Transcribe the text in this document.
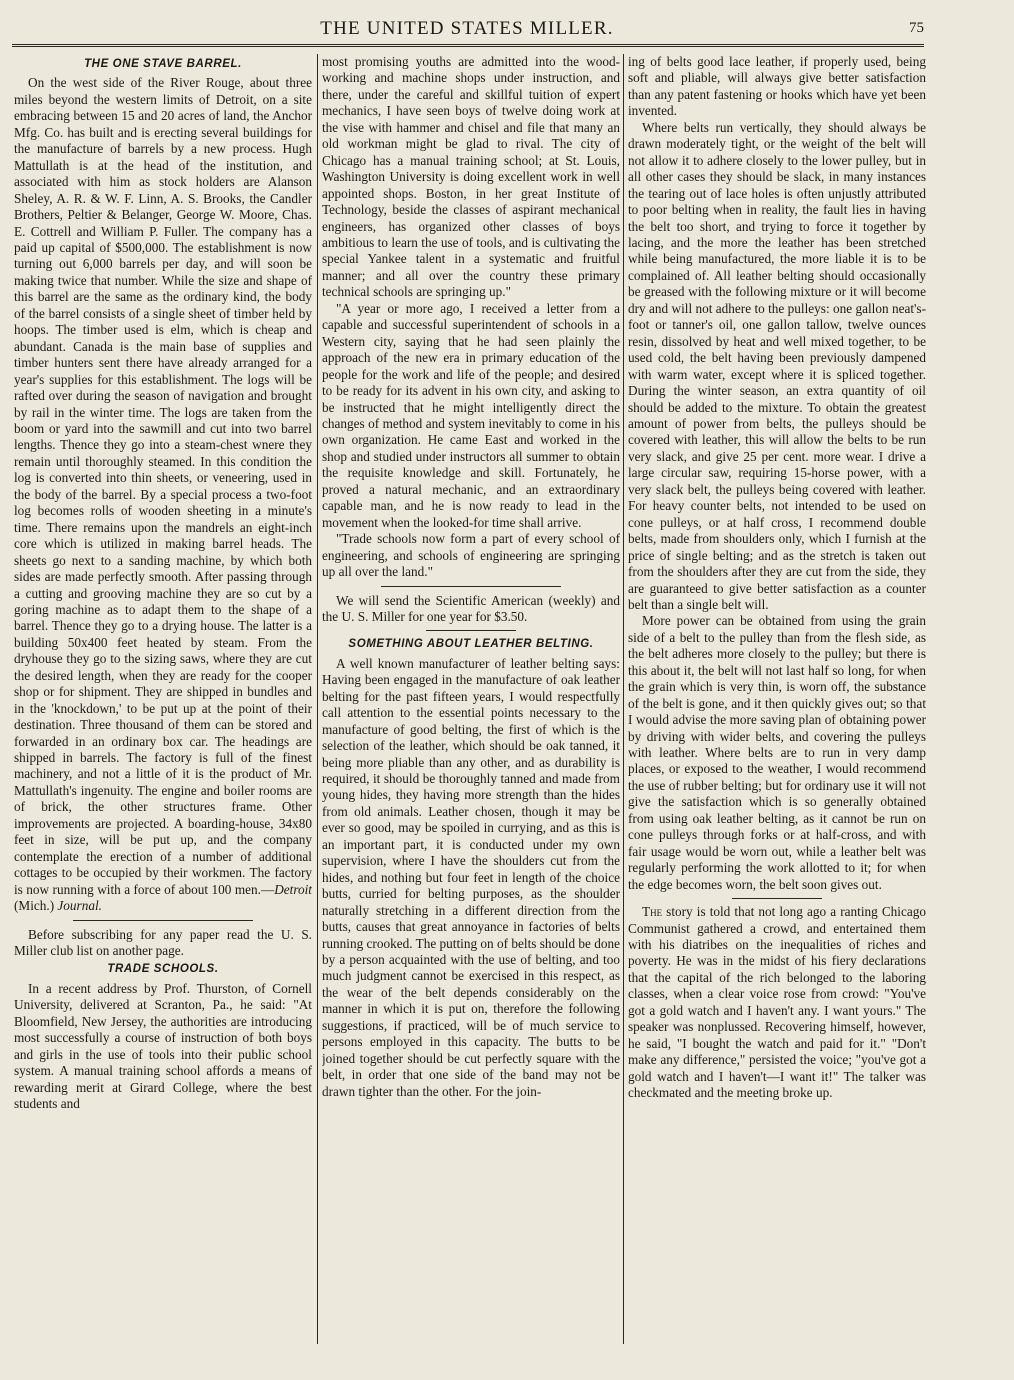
THE UNITED STATES MILLER.	75
THE ONE STAVE BARREL.

On the west side of the River Rouge, about three miles beyond the western limits of Detroit, on a site embracing between 15 and 20 acres of land, the Anchor Mfg. Co. has built and is erecting several buildings for the manufacture of barrels by a new process. Hugh Mattullath is at the head of the institution, and associated with him as stock holders are Alanson Sheley, A. R. & W. F. Linn, A. S. Brooks, the Candler Brothers, Peltier & Belanger, George W. Moore, Chas. E. Cottrell and William P. Fuller. The company has a paid up capital of $500,000. The establishment is now turning out 6,000 barrels per day, and will soon be making twice that number. While the size and shape of this barrel are the same as the ordinary kind, the body of the barrel consists of a single sheet of timber held by hoops. The timber used is elm, which is cheap and abundant. Canada is the main base of supplies and timber hunters sent there have already arranged for a year's supplies for this establishment. The logs will be rafted over during the season of navigation and brought by rail in the winter time. The logs are taken from the boom or yard into the sawmill and cut into two barrel lengths. Thence they go into a steam-chest wnere they remain until thoroughly steamed. In this condition the log is converted into thin sheets, or veneering, used in the body of the barrel. By a special process a two-foot log becomes rolls of wooden sheeting in a minute's time. There remains upon the mandrels an eight-inch core which is utilized in making barrel heads. The sheets go next to a sanding machine, by which both sides are made perfectly smooth. After passing through a cutting and grooving machine they are so cut by a goring machine as to adapt them to the shape of a barrel. Thence they go to a drying house. The latter is a building 50x400 feet heated by steam. From the dryhouse they go to the sizing saws, where they are cut the desired length, when they are ready for the cooper shop or for shipment. They are shipped in bundles and in the 'knockdown,' to be put up at the point of their destination. Three thousand of them can be stored and forwarded in an ordinary box car. The headings are shipped in barrels. The factory is full of the finest machinery, and not a little of it is the product of Mr. Mattullath's ingenuity. The engine and boiler rooms are of brick, the other structures frame. Other improvements are projected. A boarding-house, 34x80 feet in size, will be put up, and the company contemplate the erection of a number of additional cottages to be occupied by their workmen. The factory is now running with a force of about 100 men.—Detroit (Mich.) Journal.

Before subscribing for any paper read the U. S. Miller club list on another page.

TRADE SCHOOLS.

In a recent address by Prof. Thurston, of Cornell University, delivered at Scranton, Pa., he said: "At Bloomfield, New Jersey, the authorities are introducing most successfully a course of instruction of both boys and girls in the use of tools into their public school system. A manual training school affords a means of rewarding merit at Girard College, where the best students and

most promising youths are admitted into the wood-working and machine shops under instruction, and there, under the careful and skillful tuition of expert mechanics, I have seen boys of twelve doing work at the vise with hammer and chisel and file that many an old workman might be glad to rival. The city of Chicago has a manual training school; at St. Louis, Washington University is doing excellent work in well appointed shops. Boston, in her great Institute of Technology, beside the classes of aspirant mechanical engineers, has organized other classes of boys ambitious to learn the use of tools, and is cultivating the special Yankee talent in a systematic and fruitful manner; and all over the country these primary technical schools are springing up."

"A year or more ago, I received a letter from a capable and successful superintendent of schools in a Western city, saying that he had seen plainly the approach of the new era in primary education of the people for the work and life of the people; and desired to be ready for its advent in his own city, and asking to be instructed that he might intelligently direct the changes of method and system inevitably to come in his own organization. He came East and worked in the shop and studied under instructors all summer to obtain the requisite knowledge and skill. Fortunately, he proved a natural mechanic, and an extraordinary capable man, and he is now ready to lead in the movement when the looked-for time shall arrive.

"Trade schools now form a part of every school of engineering, and schools of engineering are springing up all over the land."

We will send the Scientific American (weekly) and the U. S. Miller for one year for $3.50.

SOMETHING ABOUT LEATHER BELTING.

A well known manufacturer of leather belting says: Having been engaged in the manufacture of oak leather belting for the past fifteen years, I would respectfully call attention to the essential points necessary to the manufacture of good belting, the first of which is the selection of the leather, which should be oak tanned, it being more pliable than any other, and as durability is required, it should be thoroughly tanned and made from young hides, they having more strength than the hides from old animals. Leather chosen, though it may be ever so good, may be spoiled in currying, and as this is an important part, it is conducted under my own supervision, where I have the shoulders cut from the hides, and nothing but four feet in length of the choice butts, curried for belting purposes, as the shoulder naturally stretching in a different direction from the butts, causes that great annoyance in factories of belts running crooked. The putting on of belts should be done by a person acquainted with the use of belting, and too much judgment cannot be exercised in this respect, as the wear of the belt depends considerably on the manner in which it is put on, therefore the following suggestions, if practiced, will be of much service to persons employed in this capacity. The butts to be joined together should be cut perfectly square with the belt, in order that one side of the band may not be drawn tighter than the other. For the join-

ing of belts good lace leather, if properly used, being soft and pliable, will always give better satisfaction than any patent fastening or hooks which have yet been invented.

Where belts run vertically, they should always be drawn moderately tight, or the weight of the belt will not allow it to adhere closely to the lower pulley, but in all other cases they should be slack, in many instances the tearing out of lace holes is often unjustly attributed to poor belting when in reality, the fault lies in having the belt too short, and trying to force it together by lacing, and the more the leather has been stretched while being manufactured, the more liable it is to be complained of. All leather belting should occasionally be greased with the following mixture or it will become dry and will not adhere to the pulleys: one gallon neat's-foot or tanner's oil, one gallon tallow, twelve ounces resin, dissolved by heat and well mixed together, to be used cold, the belt having been previously dampened with warm water, except where it is spliced together. During the winter season, an extra quantity of oil should be added to the mixture. To obtain the greatest amount of power from belts, the pulleys should be covered with leather, this will allow the belts to be run very slack, and give 25 per cent. more wear. I drive a large circular saw, requiring 15-horse power, with a very slack belt, the pulleys being covered with leather. For heavy counter belts, not intended to be used on cone pulleys, or at half cross, I recommend double belts, made from shoulders only, which I furnish at the price of single belting; and as the stretch is taken out from the shoulders after they are cut from the side, they are guaranteed to give better satisfaction as a counter belt than a single belt will.

More power can be obtained from using the grain side of a belt to the pulley than from the flesh side, as the belt adheres more closely to the pulley; but there is this about it, the belt will not last half so long, for when the grain which is very thin, is worn off, the substance of the belt is gone, and it then quickly gives out; so that I would advise the more saving plan of obtaining power by driving with wider belts, and covering the pulleys with leather. Where belts are to run in very damp places, or exposed to the weather, I would recommend the use of rubber belting; but for ordinary use it will not give the satisfaction which is so generally obtained from using oak leather belting, as it cannot be run on cone pulleys through forks or at half-cross, and with fair usage would be worn out, while a leather belt was regularly performing the work allotted to it; for when the edge becomes worn, the belt soon gives out.

The story is told that not long ago a ranting Chicago Communist gathered a crowd, and entertained them with his diatribes on the inequalities of riches and poverty. He was in the midst of his fiery declarations that the capital of the rich belonged to the laboring classes, when a clear voice rose from crowd: "You've got a gold watch and I haven't any. I want yours." The speaker was nonplussed. Recovering himself, however, he said, "I bought the watch and paid for it." "Don't make any difference," persisted the voice; "you've got a gold watch and I haven't—I want it!" The talker was checkmated and the meeting broke up.
